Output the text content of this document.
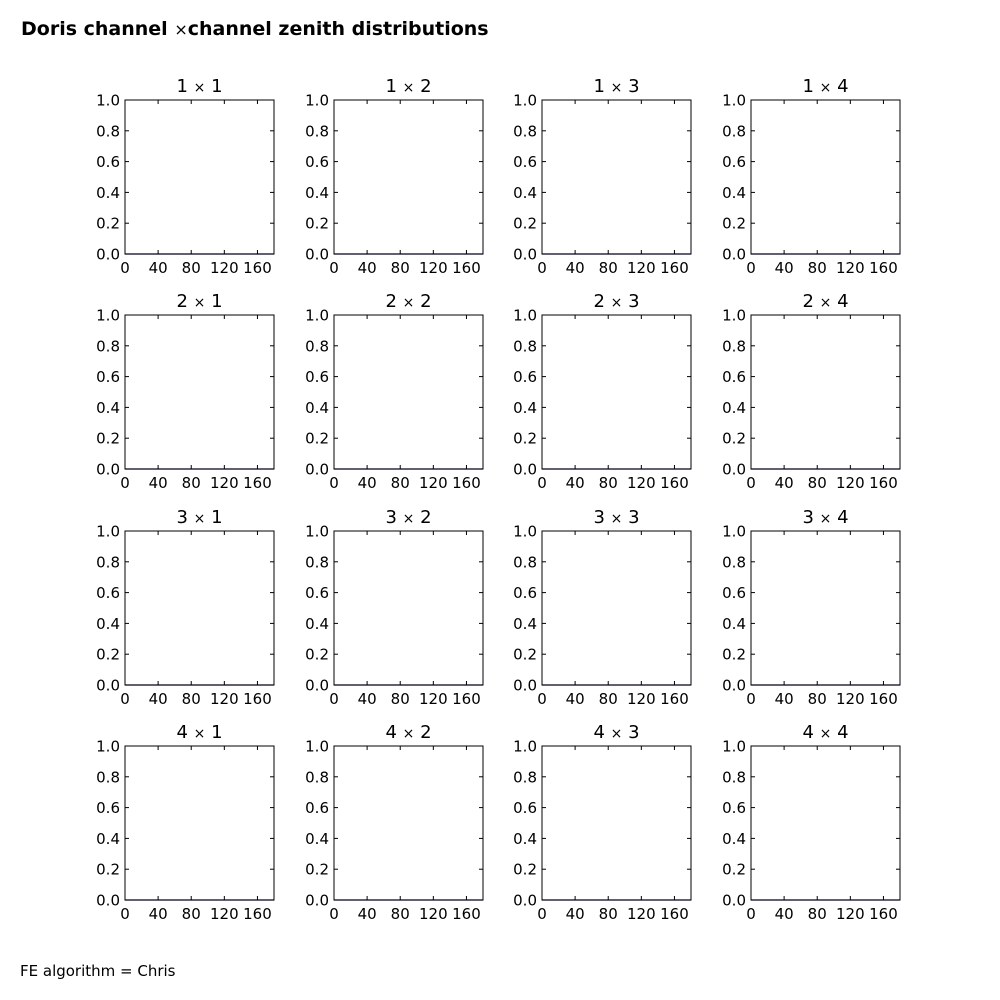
Doris channel ×channel zenith distributions
0 40 80 120 160
0.0
0.2
0.4
0.6
0.8
1.0
1 × 1
0 40 80 120 160
0.0
0.2
0.4
0.6
0.8
1.0
1 × 2
0 40 80 120 160
0.0
0.2
0.4
0.6
0.8
1.0
1 × 3
0 40 80 120 160
0.0
0.2
0.4
0.6
0.8
1.0
1 × 4
0 40 80 120 160
0.0
0.2
0.4
0.6
0.8
1.0
2 × 1
0 40 80 120 160
0.0
0.2
0.4
0.6
0.8
1.0
2 × 2
0 40 80 120 160
0.0
0.2
0.4
0.6
0.8
1.0
2 × 3
0 40 80 120 160
0.0
0.2
0.4
0.6
0.8
1.0
2 × 4
0 40 80 120 160
0.0
0.2
0.4
0.6
0.8
1.0
3 × 1
0 40 80 120 160
0.0
0.2
0.4
0.6
0.8
1.0
3 × 2
0 40 80 120 160
0.0
0.2
0.4
0.6
0.8
1.0
3 × 3
0 40 80 120 160
0.0
0.2
0.4
0.6
0.8
1.0
3 × 4
0 40 80 120 160
0.0
0.2
0.4
0.6
0.8
1.0
4 × 1
0 40 80 120 160
0.0
0.2
0.4
0.6
0.8
1.0
4 × 2
0 40 80 120 160
0.0
0.2
0.4
0.6
0.8
1.0
4 × 3
0 40 80 120 160
0.0
0.2
0.4
0.6
0.8
1.0
4 × 4
FE algorithm = Chris
